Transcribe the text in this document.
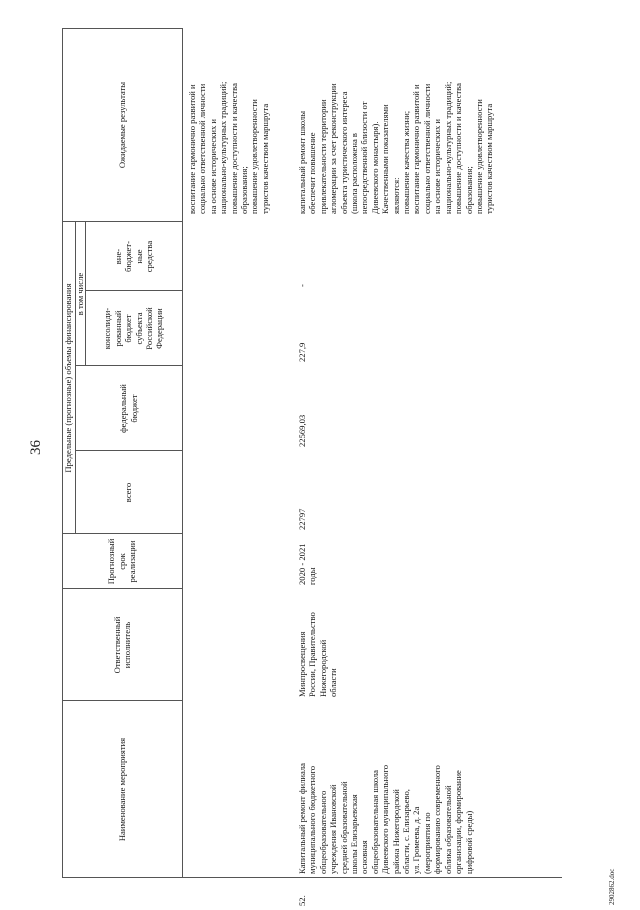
36
Наименование мероприятия
Ответственный
исполнитель
Прогнозный
срок
реализации
Предельные (прогнозные) объемы финансирования
всего
федеральный
бюджет
в том числе
консолиди-
рованный
бюджет
субъекта
Российской
Федерации
вне-
бюджет-
ные
средства
Ожидаемые результаты
воспитание гармонично развитой и
социально ответственной личности
на основе исторических и
национально-культурных традиций;
повышение доступности и качества
образования;
повышение удовлетворенности
туристов качеством маршрута
52.
Капитальный ремонт филиала
муниципального бюджетного
общеобразовательного
учреждения Ивановской
средней образовательной
школы Елизарьевская
основная
общеобразовательная школа
Дивеевского муниципального
района Нижегородской
области, с. Елизарьево,
ул. Громеева, д. 2а
(мероприятия по
формированию современного
облика образовательной
организации, формирование
цифровой среды)
Минпросвещения
России, Правительство
Нижегородской
области
2020 - 2021
годы
22797
22569,03
227,9
-
капитальный ремонт школы
обеспечит повышение
привлекательности территории
агломерации за счет реконструкции
объекта туристического интереса
(школа расположена в
непосредственной близости от
Дивеевского монастыря).
Качественными показателями
являются:
повышение качества жизни;
воспитание гармонично развитой и
социально ответственной личности
на основе исторических и
национально-культурных традиций;
повышение доступности и качества
образования;
повышение удовлетворенности
туристов качеством маршрута
2902862.doc
